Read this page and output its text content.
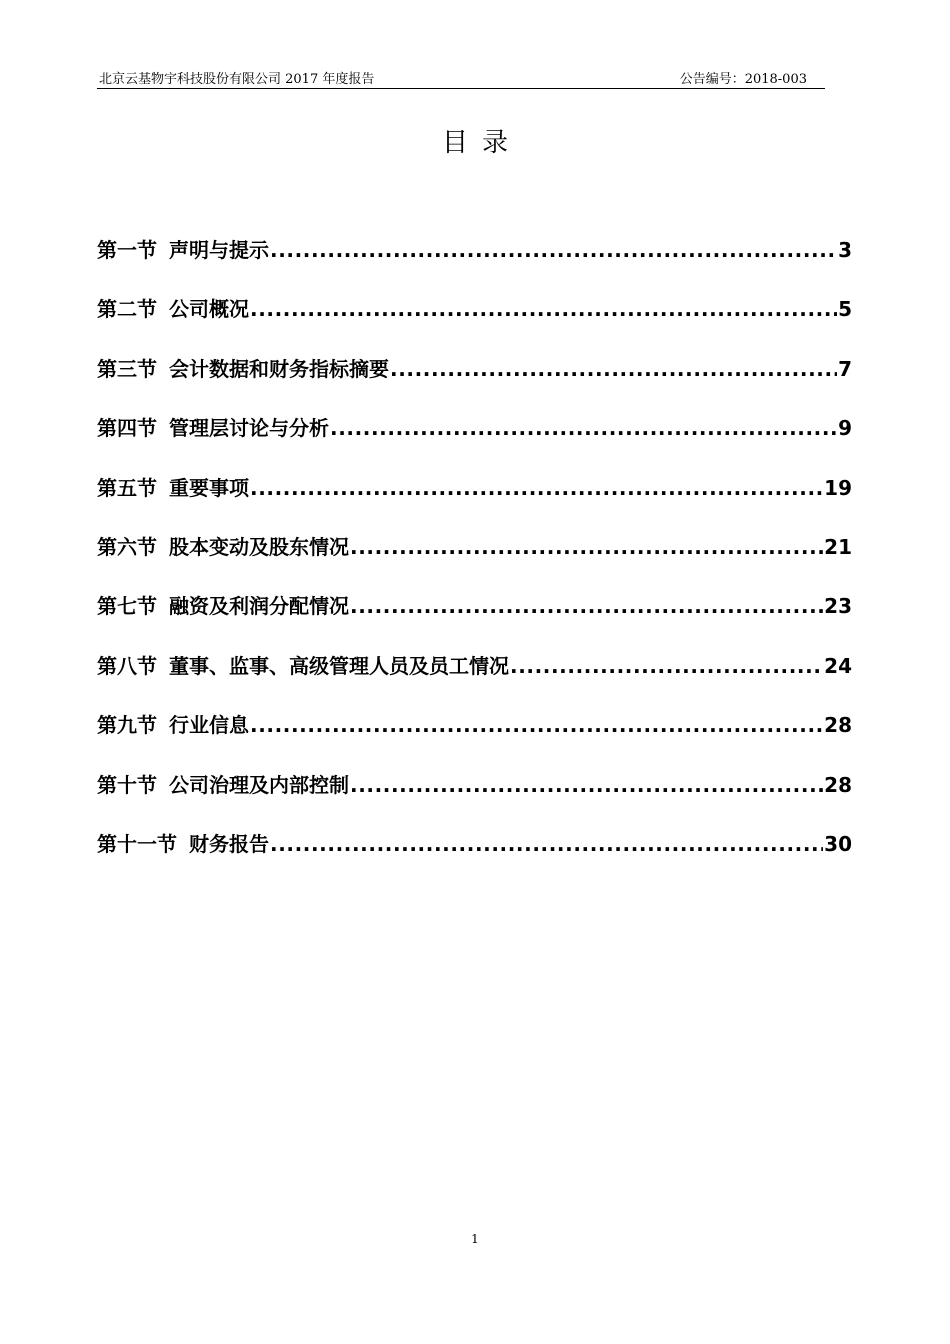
北京云基物宇科技股份有限公司 2017 年度报告	公告编号：2018-003
目录
第一节 声明与提示 .....	3
第二节 公司概况 .....	5
第三节 会计数据和财务指标摘要 .....	7
第四节 管理层讨论与分析 .....	9
第五节 重要事项 .....	19
第六节 股本变动及股东情况 .....	21
第七节 融资及利润分配情况 .....	23
第八节 董事、监事、高级管理人员及员工情况 .....	24
第九节 行业信息 .....	28
第十节 公司治理及内部控制 .....	28
第十一节 财务报告 .....	30
1
